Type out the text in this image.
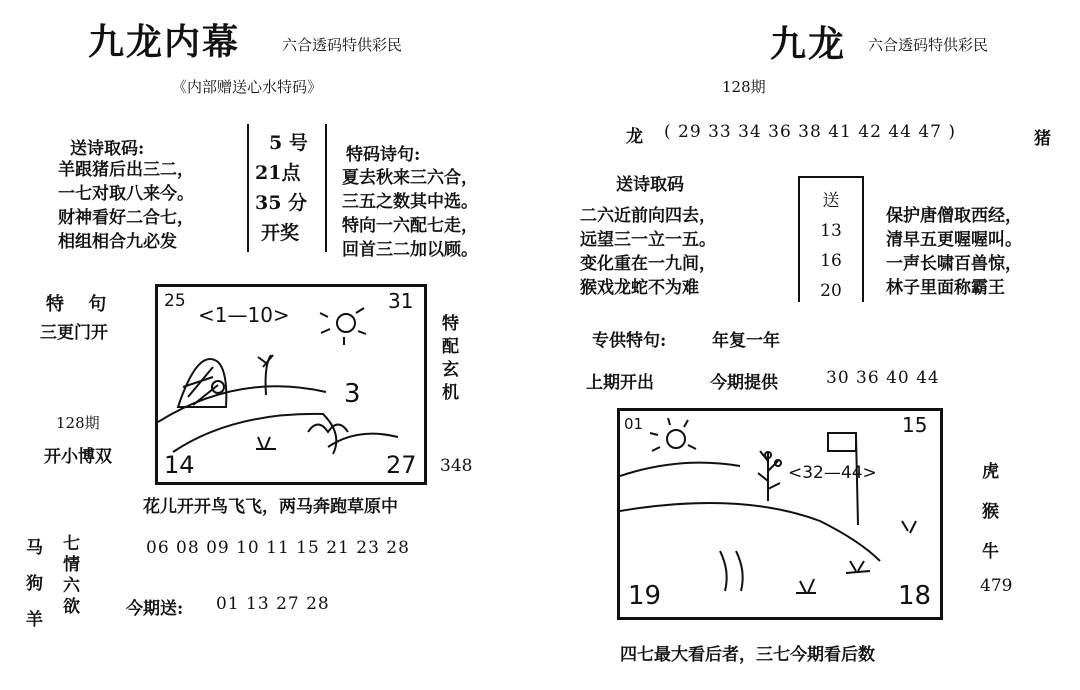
九龙内幕	六合透码特供彩民
《内部赠送心水特码》
送诗取码:
羊跟猪后出三二，
一七对取八来今。
财神看好二合七，
相组相合九必发
5 号
21点
35 分
开奖
特码诗句:
夏去秋来三六合，
三五之数其中选。
特向一六配七走，
回首三二加以顾。
特　 句
三更门开
128期
开小博双
25	31
<1—10>
3
14	27
特配玄机
348
花儿开开鸟飞飞，两马奔跑草原中
马
狗
羊
七情六欲	06 08 09 10 11 15 21 23 28
今期送: 01 13 27 28
九龙 六合透码特供彩民
128期
龙 ( 29 33 34 36 38 41 42 44 47 )	猪
送诗取码
二六近前向四去，
远望三一立一五。
变化重在一九间，
猴戏龙蛇不为难
送
13
16
20
保护唐僧取西经，
清早五更喔喔叫。
一声长啸百兽惊，
林子里面称霸王
专供特句:	年复一年
上期开出	今期提供	30 36 40 44
01	15
<32—44>
19	18
虎
猴
牛
479
四七最大看后者，三七今期看后数
